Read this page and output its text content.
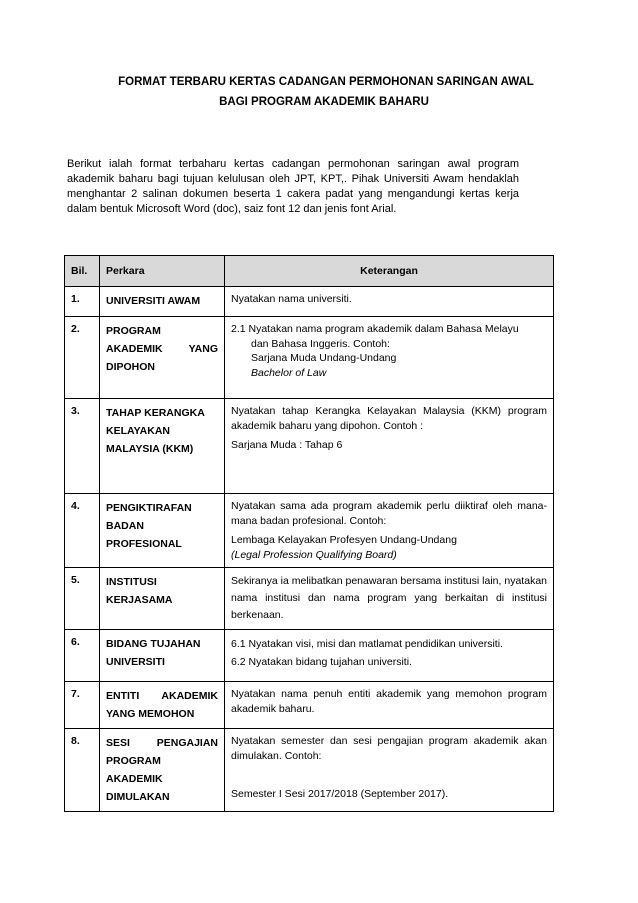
FORMAT TERBARU KERTAS CADANGAN PERMOHONAN SARINGAN AWAL
BAGI PROGRAM AKADEMIK BAHARU
Berikut ialah format terbaharu kertas cadangan permohonan saringan awal program akademik baharu bagi tujuan kelulusan oleh JPT, KPT,. Pihak Universiti Awam hendaklah menghantar 2 salinan dokumen beserta 1 cakera padat yang mengandungi kertas kerja dalam bentuk Microsoft Word (doc), saiz font 12 dan jenis font Arial.
Bil.	Perkara	Keterangan
1.	UNIVERSITI AWAM	Nyatakan nama universiti.
2.	PROGRAM AKADEMIK YANG DIPOHON	2.1 Nyatakan nama program akademik dalam Bahasa Melayu
dan Bahasa Inggeris. Contoh:
Sarjana Muda Undang-Undang
Bachelor of Law

3.	TAHAP KERANGKA KELAYAKAN MALAYSIA (KKM)	Nyatakan tahap Kerangka Kelayakan Malaysia (KKM) program akademik baharu yang dipohon. Contoh :
Sarjana Muda : Tahap 6

4.	PENGIKTIRAFAN BADAN PROFESIONAL	Nyatakan sama ada program akademik perlu diiktiraf oleh mana-mana badan profesional. Contoh:
Lembaga Kelayakan Profesyen Undang-Undang
(Legal Profession Qualifying Board)

5.	INSTITUSI KERJASAMA	Sekiranya ia melibatkan penawaran bersama institusi lain, nyatakan nama institusi dan nama program yang berkaitan di institusi berkenaan.
6.	BIDANG TUJAHAN UNIVERSITI	6.1 Nyatakan visi, misi dan matlamat pendidikan universiti.
6.2 Nyatakan bidang tujahan universiti.

7.	ENTITI AKADEMIK YANG MEMOHON	Nyatakan nama penuh entiti akademik yang memohon program akademik baharu.
8.	SESI PENGAJIAN PROGRAM AKADEMIK DIMULAKAN	Nyatakan semester dan sesi pengajian program akademik akan dimulakan. Contoh:
Semester I Sesi 2017/2018 (September 2017).
